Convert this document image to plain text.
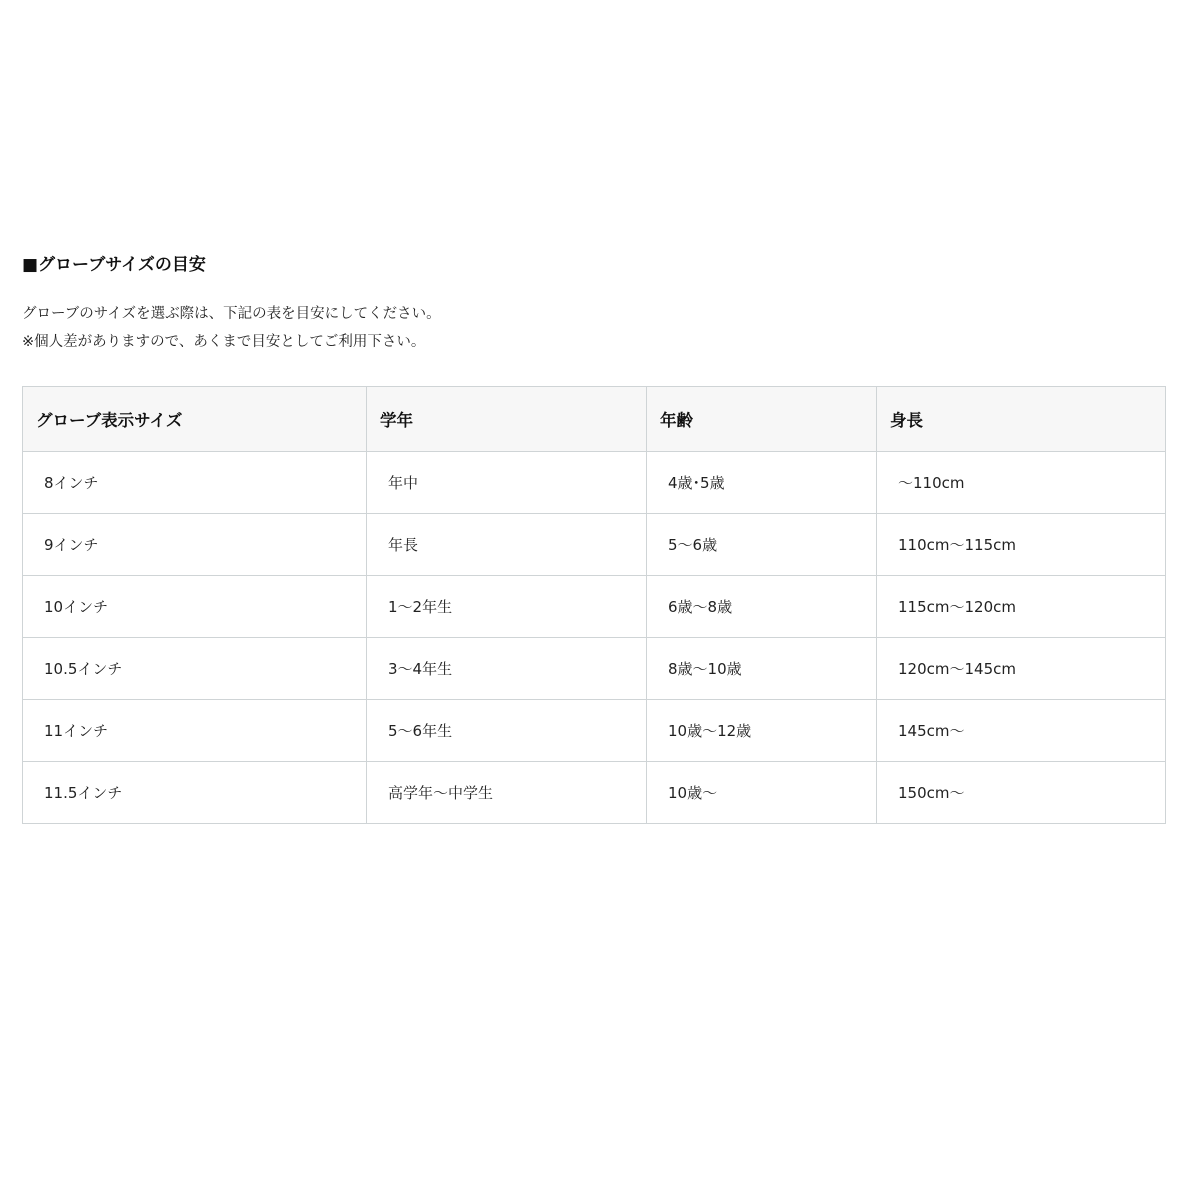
■グローブサイズの目安

グローブのサイズを選ぶ際は、下記の表を目安にしてください。

※個人差がありますので、あくまで目安としてご利用下さい。

グローブ表示サイズ	学年	年齢	身長
8インチ	年中	4歳･5歳	〜110cm
9インチ	年長	5〜6歳	110cm〜115cm
10インチ	1〜2年生	6歳〜8歳	115cm〜120cm
10.5インチ	3〜4年生	8歳〜10歳	120cm〜145cm
11インチ	5〜6年生	10歳〜12歳	145cm〜
11.5インチ	高学年〜中学生	10歳〜	150cm〜
